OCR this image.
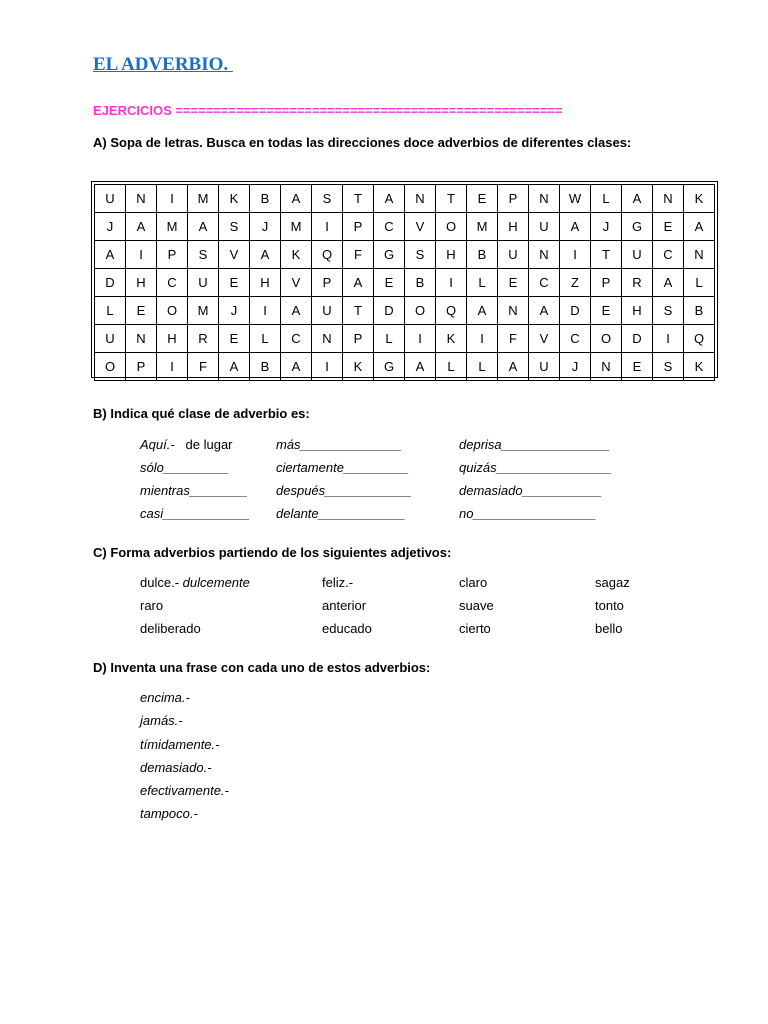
EL ADVERBIO.
EJERCICIOS ===================================================
A) Sopa de letras. Busca en todas las direcciones doce adverbios de diferentes clases:
U	N	I	M	K	B	A	S	T	A	N	T	E	P	N	W	L	A	N	K
J	A	M	A	S	J	M	I	P	C	V	O	M	H	U	A	J	G	E	A
A	I	P	S	V	A	K	Q	F	G	S	H	B	U	N	I	T	U	C	N
D	H	C	U	E	H	V	P	A	E	B	I	L	E	C	Z	P	R	A	L
L	E	O	M	J	I	A	U	T	D	O	Q	A	N	A	D	E	H	S	B
U	N	H	R	E	L	C	N	P	L	I	K	I	F	V	C	O	D	I	Q
O	P	I	F	A	B	A	I	K	G	A	L	L	A	U	J	N	E	S	K
B) Indica qué clase de adverbio es:
Aquí.-   de lugar	más______________	deprisa_______________
sólo_________	ciertamente_________	quizás________________
mientras________ después____________	demasiado___________
casi____________ delante____________	no_________________
C) Forma adverbios partiendo de los siguientes adjetivos:
dulce.- dulcemente	feliz.-	claro	sagaz
raro	anterior	suave	tonto
deliberado	educado	cierto	bello
D) Inventa una frase con cada uno de estos adverbios:
encima.-
jamás.-
tímidamente.-
demasiado.-
efectivamente.-
tampoco.-
